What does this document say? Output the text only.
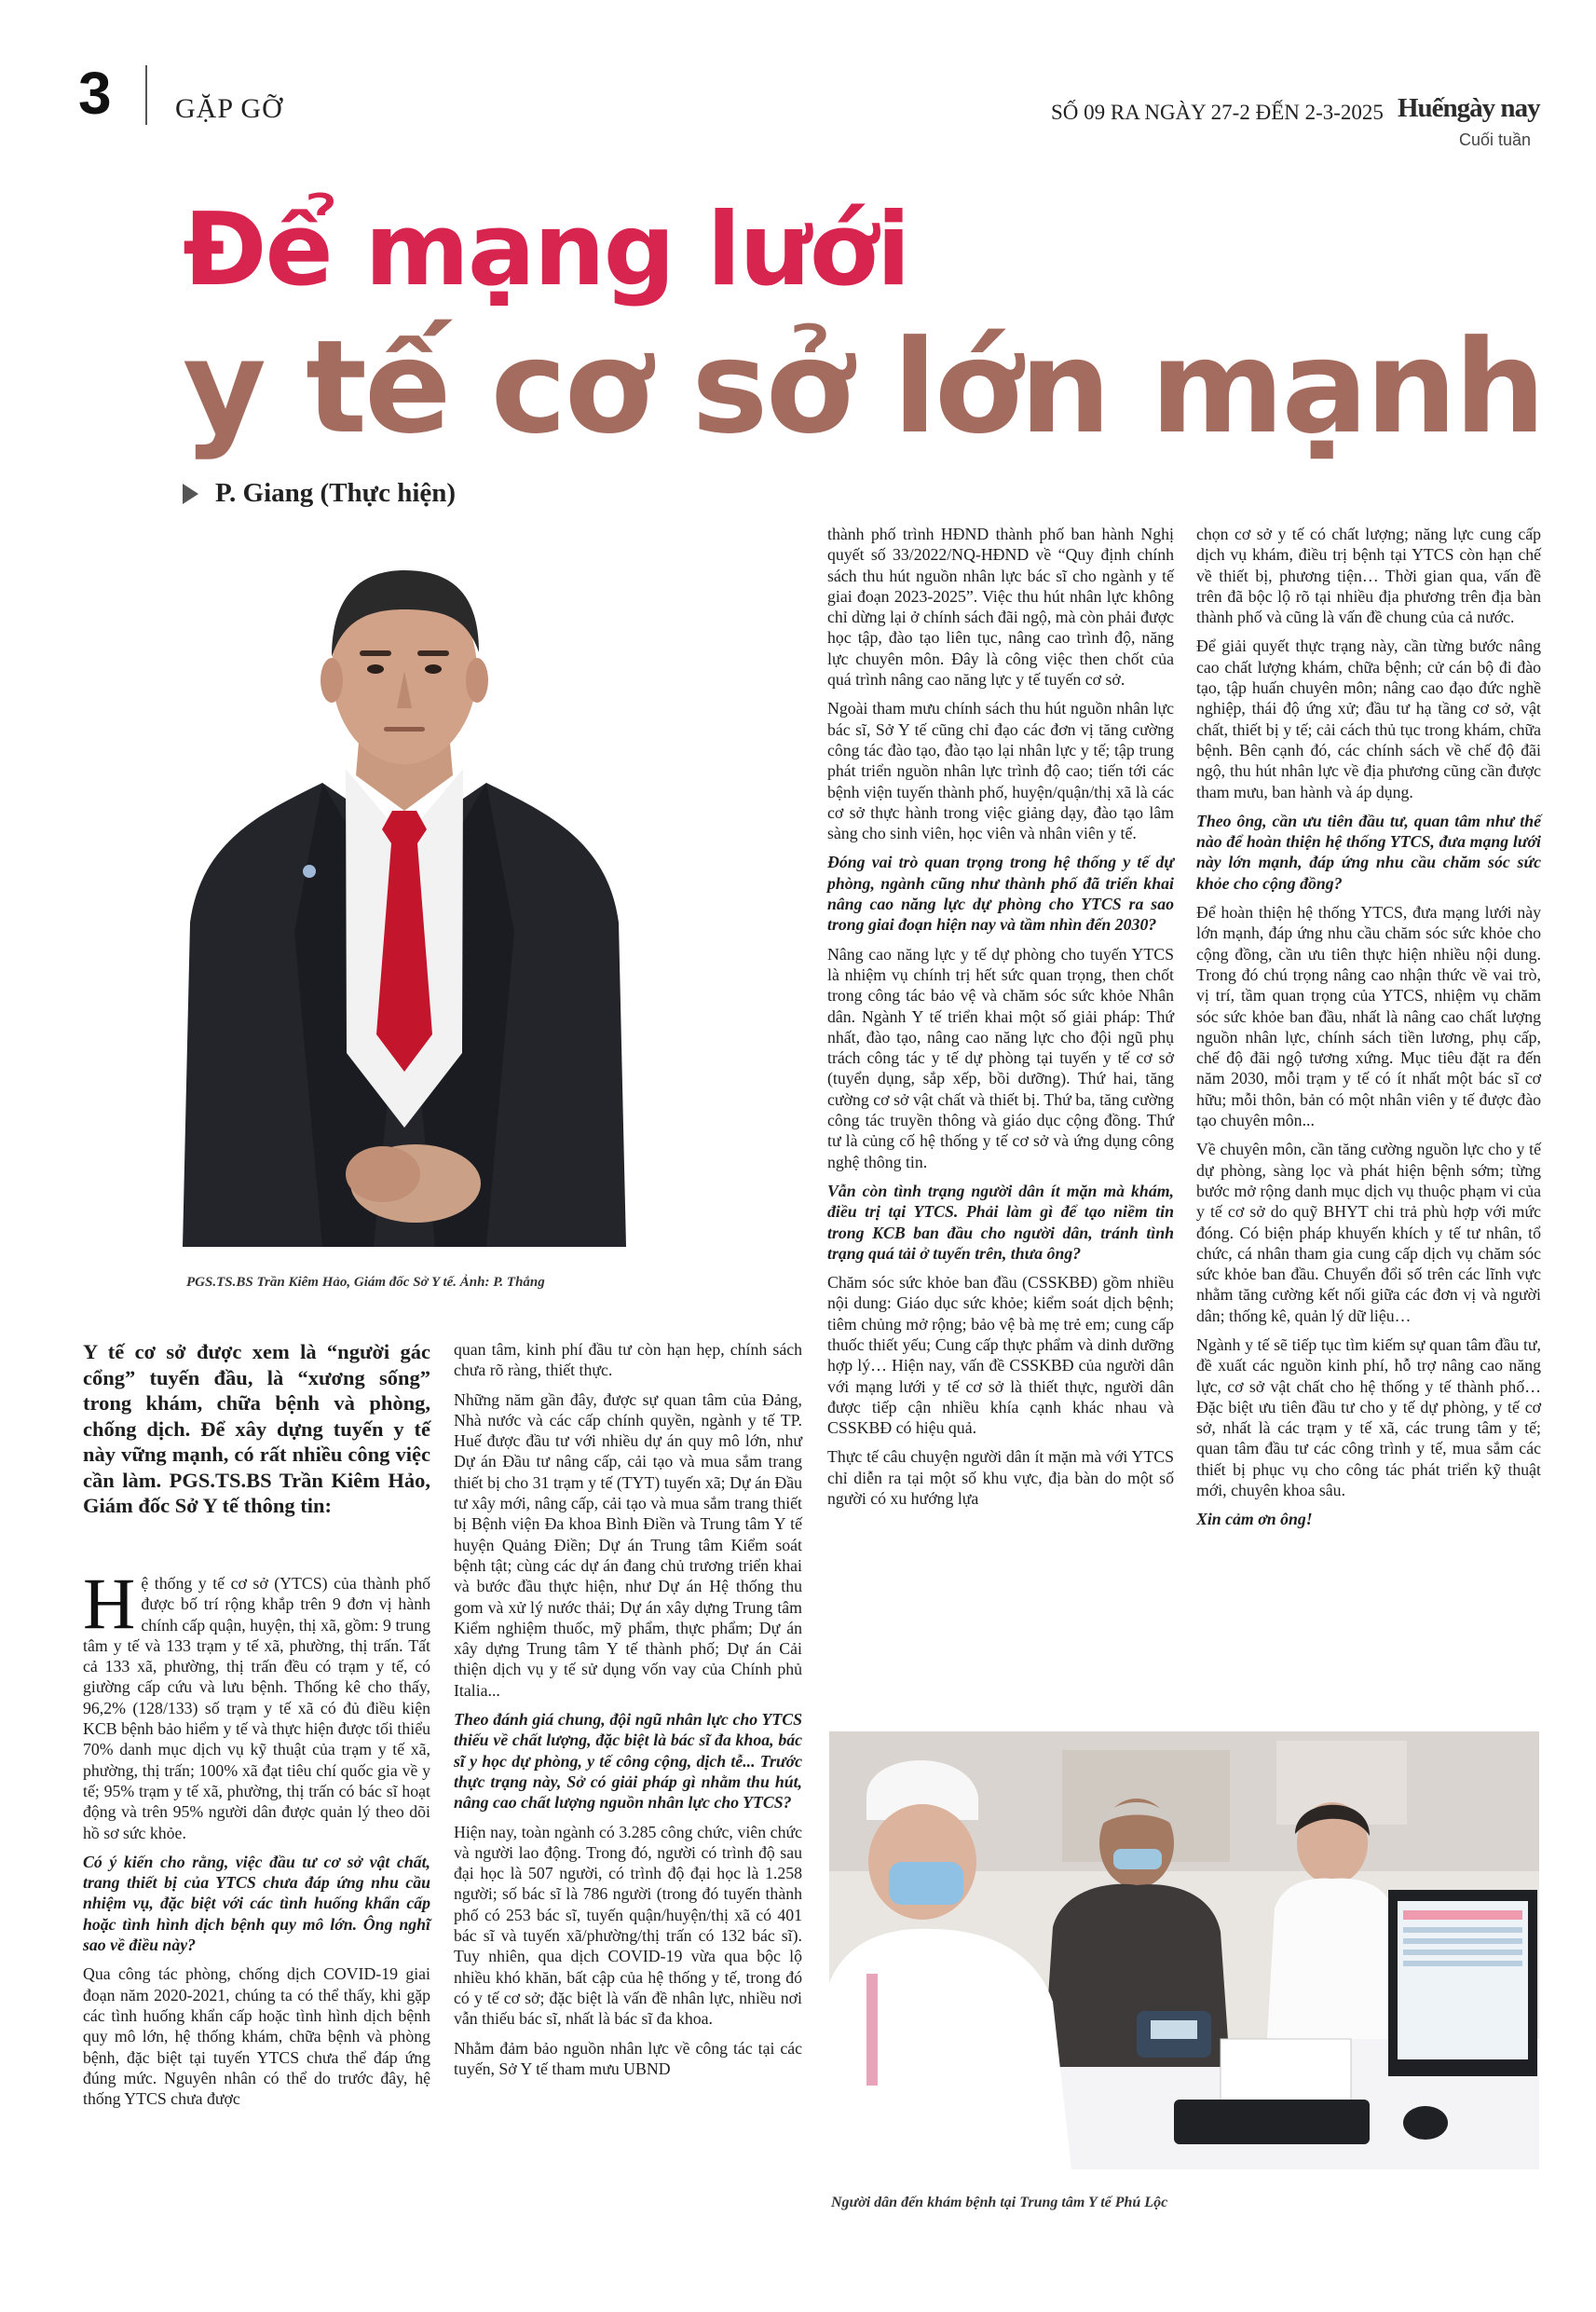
3 GẶP GỠ	SỐ 09 RA NGÀY 27-2 ĐẾN 2-3-2025 Huếngày nay
Cuối tuần
Để mạng lưới
y tế cơ sở lớn mạnh
P. Giang (Thực hiện)
PGS.TS.BS Trần Kiêm Hảo, Giám đốc Sở Y tế. Ảnh: P. Thắng
Y tế cơ sở được xem là “người gác cổng” tuyến đầu, là “xương sống” trong khám, chữa bệnh và phòng, chống dịch. Để xây dựng tuyến y tế này vững mạnh, có rất nhiều công việc cần làm. PGS.TS.BS Trần Kiêm Hảo, Giám đốc Sở Y tế thông tin:

Hệ thống y tế cơ sở (YTCS) của thành phố được bố trí rộng khắp trên 9 đơn vị hành chính cấp quận, huyện, thị xã, gồm: 9 trung tâm y tế và 133 trạm y tế xã, phường, thị trấn. Tất cả 133 xã, phường, thị trấn đều có trạm y tế, có giường cấp cứu và lưu bệnh. Thống kê cho thấy, 96,2% (128/133) số trạm y tế xã có đủ điều kiện KCB bệnh bảo hiểm y tế và thực hiện được tối thiểu 70% danh mục dịch vụ kỹ thuật của trạm y tế xã, phường, thị trấn; 100% xã đạt tiêu chí quốc gia về y tế; 95% trạm y tế xã, phường, thị trấn có bác sĩ hoạt động và trên 95% người dân được quản lý theo dõi hồ sơ sức khỏe.

Có ý kiến cho rằng, việc đầu tư cơ sở vật chất, trang thiết bị của YTCS chưa đáp ứng nhu cầu nhiệm vụ, đặc biệt với các tình huống khẩn cấp hoặc tình hình dịch bệnh quy mô lớn. Ông nghĩ sao về điều này?

Qua công tác phòng, chống dịch COVID-19 giai đoạn năm 2020-2021, chúng ta có thể thấy, khi gặp các tình huống khẩn cấp hoặc tình hình dịch bệnh quy mô lớn, hệ thống khám, chữa bệnh và phòng bệnh, đặc biệt tại tuyến YTCS chưa thể đáp ứng đúng mức. Nguyên nhân có thể do trước đây, hệ thống YTCS chưa được

quan tâm, kinh phí đầu tư còn hạn hẹp, chính sách chưa rõ ràng, thiết thực.

Những năm gần đây, được sự quan tâm của Đảng, Nhà nước và các cấp chính quyền, ngành y tế TP. Huế được đầu tư với nhiều dự án quy mô lớn, như Dự án Đầu tư nâng cấp, cải tạo và mua sắm trang thiết bị cho 31 trạm y tế (TYT) tuyến xã; Dự án Đầu tư xây mới, nâng cấp, cải tạo và mua sắm trang thiết bị Bệnh viện Đa khoa Bình Điền và Trung tâm Y tế huyện Quảng Điền; Dự án Trung tâm Kiểm soát bệnh tật; cùng các dự án đang chủ trương triển khai và bước đầu thực hiện, như Dự án Hệ thống thu gom và xử lý nước thải; Dự án xây dựng Trung tâm Kiểm nghiệm thuốc, mỹ phẩm, thực phẩm; Dự án xây dựng Trung tâm Y tế thành phố; Dự án Cải thiện dịch vụ y tế sử dụng vốn vay của Chính phủ Italia...

Theo đánh giá chung, đội ngũ nhân lực cho YTCS thiếu về chất lượng, đặc biệt là bác sĩ đa khoa, bác sĩ y học dự phòng, y tế công cộng, dịch tễ... Trước thực trạng này, Sở có giải pháp gì nhằm thu hút, nâng cao chất lượng nguồn nhân lực cho YTCS?

Hiện nay, toàn ngành có 3.285 công chức, viên chức và người lao động. Trong đó, người có trình độ sau đại học là 507 người, có trình độ đại học là 1.258 người; số bác sĩ là 786 người (trong đó tuyến thành phố có 253 bác sĩ, tuyến quận/huyện/thị xã có 401 bác sĩ và tuyến xã/phường/thị trấn có 132 bác sĩ). Tuy nhiên, qua dịch COVID-19 vừa qua bộc lộ nhiều khó khăn, bất cập của hệ thống y tế, trong đó có y tế cơ sở; đặc biệt là vấn đề nhân lực, nhiều nơi vẫn thiếu bác sĩ, nhất là bác sĩ đa khoa.

Nhằm đảm bảo nguồn nhân lực về công tác tại các tuyến, Sở Y tế tham mưu UBND

thành phố trình HĐND thành phố ban hành Nghị quyết số 33/2022/NQ-HĐND về “Quy định chính sách thu hút nguồn nhân lực bác sĩ cho ngành y tế giai đoạn 2023-2025”. Việc thu hút nhân lực không chỉ dừng lại ở chính sách đãi ngộ, mà còn phải được học tập, đào tạo liên tục, nâng cao trình độ, năng lực chuyên môn. Đây là công việc then chốt của quá trình nâng cao năng lực y tế tuyến cơ sở.

Ngoài tham mưu chính sách thu hút nguồn nhân lực bác sĩ, Sở Y tế cũng chỉ đạo các đơn vị tăng cường công tác đào tạo, đào tạo lại nhân lực y tế; tập trung phát triển nguồn nhân lực trình độ cao; tiến tới các bệnh viện tuyến thành phố, huyện/quận/thị xã là các cơ sở thực hành trong việc giảng dạy, đào tạo lâm sàng cho sinh viên, học viên và nhân viên y tế.

Đóng vai trò quan trọng trong hệ thống y tế dự phòng, ngành cũng như thành phố đã triển khai nâng cao năng lực dự phòng cho YTCS ra sao trong giai đoạn hiện nay và tầm nhìn đến 2030?

Nâng cao năng lực y tế dự phòng cho tuyến YTCS là nhiệm vụ chính trị hết sức quan trọng, then chốt trong công tác bảo vệ và chăm sóc sức khỏe Nhân dân. Ngành Y tế triển khai một số giải pháp: Thứ nhất, đào tạo, nâng cao năng lực cho đội ngũ phụ trách công tác y tế dự phòng tại tuyến y tế cơ sở (tuyển dụng, sắp xếp, bồi dưỡng). Thứ hai, tăng cường cơ sở vật chất và thiết bị. Thứ ba, tăng cường công tác truyền thông và giáo dục cộng đồng. Thứ tư là củng cố hệ thống y tế cơ sở và ứng dụng công nghệ thông tin.

Vẫn còn tình trạng người dân ít mặn mà khám, điều trị tại YTCS. Phải làm gì để tạo niềm tin trong KCB ban đầu cho người dân, tránh tình trạng quá tải ở tuyến trên, thưa ông?

Chăm sóc sức khỏe ban đầu (CSSKBĐ) gồm nhiều nội dung: Giáo dục sức khỏe; kiểm soát dịch bệnh; tiêm chủng mở rộng; bảo vệ bà mẹ trẻ em; cung cấp thuốc thiết yếu; Cung cấp thực phẩm và dinh dưỡng hợp lý… Hiện nay, vấn đề CSSKBĐ của người dân với mạng lưới y tế cơ sở là thiết thực, người dân được tiếp cận nhiều khía cạnh khác nhau và CSSKBĐ có hiệu quả.

Thực tế câu chuyện người dân ít mặn mà với YTCS chỉ diễn ra tại một số khu vực, địa bàn do một số người có xu hướng lựa

chọn cơ sở y tế có chất lượng; năng lực cung cấp dịch vụ khám, điều trị bệnh tại YTCS còn hạn chế về thiết bị, phương tiện… Thời gian qua, vấn đề trên đã bộc lộ rõ tại nhiều địa phương trên địa bàn thành phố và cũng là vấn đề chung của cả nước.

Để giải quyết thực trạng này, cần từng bước nâng cao chất lượng khám, chữa bệnh; cử cán bộ đi đào tạo, tập huấn chuyên môn; nâng cao đạo đức nghề nghiệp, thái độ ứng xử; đầu tư hạ tầng cơ sở, vật chất, thiết bị y tế; cải cách thủ tục trong khám, chữa bệnh. Bên cạnh đó, các chính sách về chế độ đãi ngộ, thu hút nhân lực về địa phương cũng cần được tham mưu, ban hành và áp dụng.

Theo ông, cần ưu tiên đầu tư, quan tâm như thế nào để hoàn thiện hệ thống YTCS, đưa mạng lưới này lớn mạnh, đáp ứng nhu cầu chăm sóc sức khỏe cho cộng đồng?

Để hoàn thiện hệ thống YTCS, đưa mạng lưới này lớn mạnh, đáp ứng nhu cầu chăm sóc sức khỏe cho cộng đồng, cần ưu tiên thực hiện nhiều nội dung. Trong đó chú trọng nâng cao nhận thức về vai trò, vị trí, tầm quan trọng của YTCS, nhiệm vụ chăm sóc sức khỏe ban đầu, nhất là nâng cao chất lượng nguồn nhân lực, chính sách tiền lương, phụ cấp, chế độ đãi ngộ tương xứng. Mục tiêu đặt ra đến năm 2030, mỗi trạm y tế có ít nhất một bác sĩ cơ hữu; mỗi thôn, bản có một nhân viên y tế được đào tạo chuyên môn...

Về chuyên môn, cần tăng cường nguồn lực cho y tế dự phòng, sàng lọc và phát hiện bệnh sớm; từng bước mở rộng danh mục dịch vụ thuộc phạm vi của y tế cơ sở do quỹ BHYT chi trả phù hợp với mức đóng. Có biện pháp khuyến khích y tế tư nhân, tổ chức, cá nhân tham gia cung cấp dịch vụ chăm sóc sức khỏe ban đầu. Chuyển đổi số trên các lĩnh vực nhằm tăng cường kết nối giữa các đơn vị và người dân; thống kê, quản lý dữ liệu…

Ngành y tế sẽ tiếp tục tìm kiếm sự quan tâm đầu tư, đề xuất các nguồn kinh phí, hỗ trợ nâng cao năng lực, cơ sở vật chất cho hệ thống y tế thành phố… Đặc biệt ưu tiên đầu tư cho y tế dự phòng, y tế cơ sở, nhất là các trạm y tế xã, các trung tâm y tế; quan tâm đầu tư các công trình y tế, mua sắm các thiết bị phục vụ cho công tác phát triển kỹ thuật mới, chuyên khoa sâu.

Xin cảm ơn ông!

Người dân đến khám bệnh tại Trung tâm Y tế Phú Lộc
